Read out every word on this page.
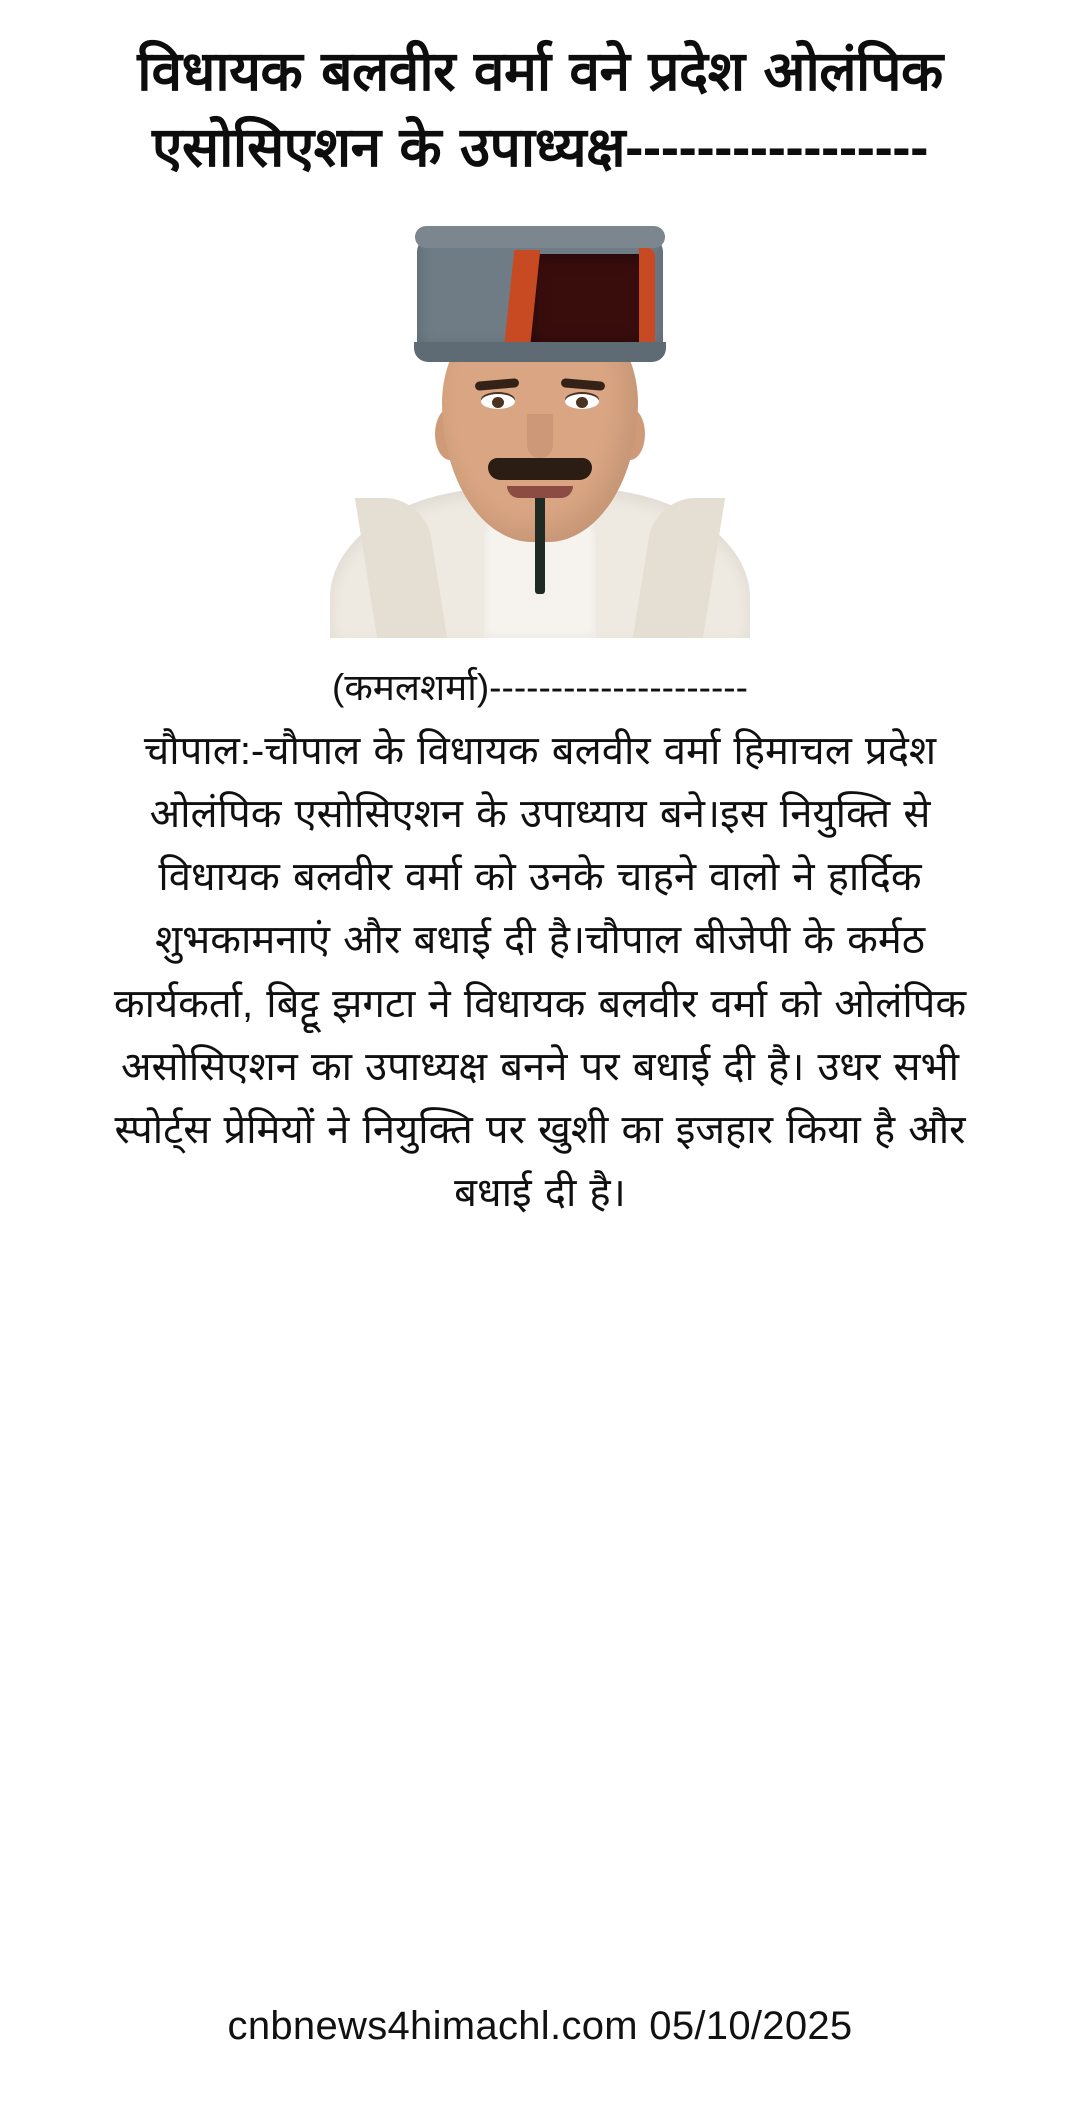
विधायक बलवीर वर्मा वने प्रदेश ओलंपिक एसोसिएशन के उपाध्यक्ष-----------------
(कमलशर्मा)---------------------
चौपाल:-चौपाल के विधायक बलवीर वर्मा हिमाचल प्रदेश ओलंपिक एसोसिएशन के उपाध्याय बने।इस नियुक्ति से विधायक बलवीर वर्मा को उनके चाहने वालो ने हार्दिक शुभकामनाएं और बधाई दी है।चौपाल बीजेपी के कर्मठ कार्यकर्ता, बिट्टू झगटा ने विधायक बलवीर वर्मा को ओलंपिक असोसिएशन का उपाध्यक्ष बनने पर बधाई दी है। उधर सभी स्पोर्ट्स प्रेमियों ने नियुक्ति पर खुशी का इजहार किया है और बधाई दी है।
cnbnews4himachl.com 05/10/2025
